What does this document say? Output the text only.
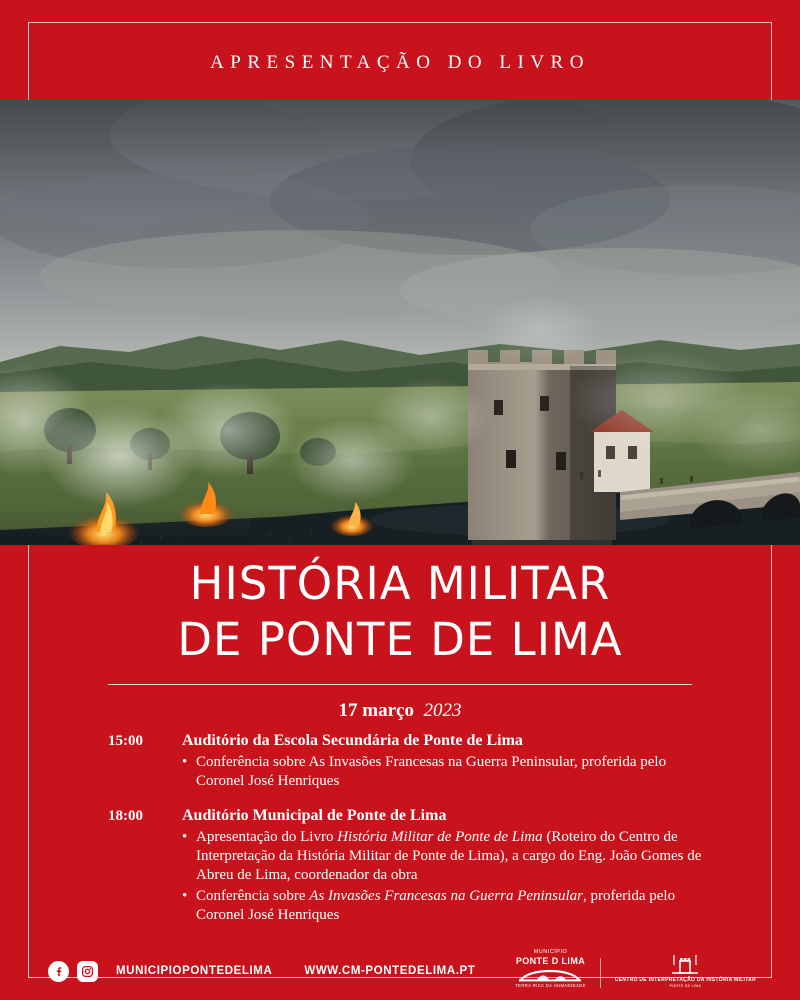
APRESENTAÇÃO DO LIVRO
HISTÓRIA MILITAR
DE PONTE DE LIMA
17 março 2023
15:00	Auditório da Escola Secundária de Ponte de Lima
• Conferência sobre As Invasões Francesas na Guerra Peninsular, proferida pelo Coronel José Henriques
18:00	Auditório Municipal de Ponte de Lima
• Apresentação do Livro História Militar de Ponte de Lima (Roteiro do Centro de Interpretação da História Militar de Ponte de Lima), a cargo do Eng. João Gomes de Abreu de Lima, coordenador da obra
• Conferência sobre As Invasões Francesas na Guerra Peninsular, proferida pelo Coronel José Henriques
MUNICIPIOPONTEDELIMA	WWW.CM-PONTEDELIMA.PT
MUNICÍPIO
PONTE D LIMA
TERRA RICA DA HUMANIDADE
CENTRO DE INTERPRETAÇÃO DA HISTÓRIA MILITAR
PONTE DE LIMA
